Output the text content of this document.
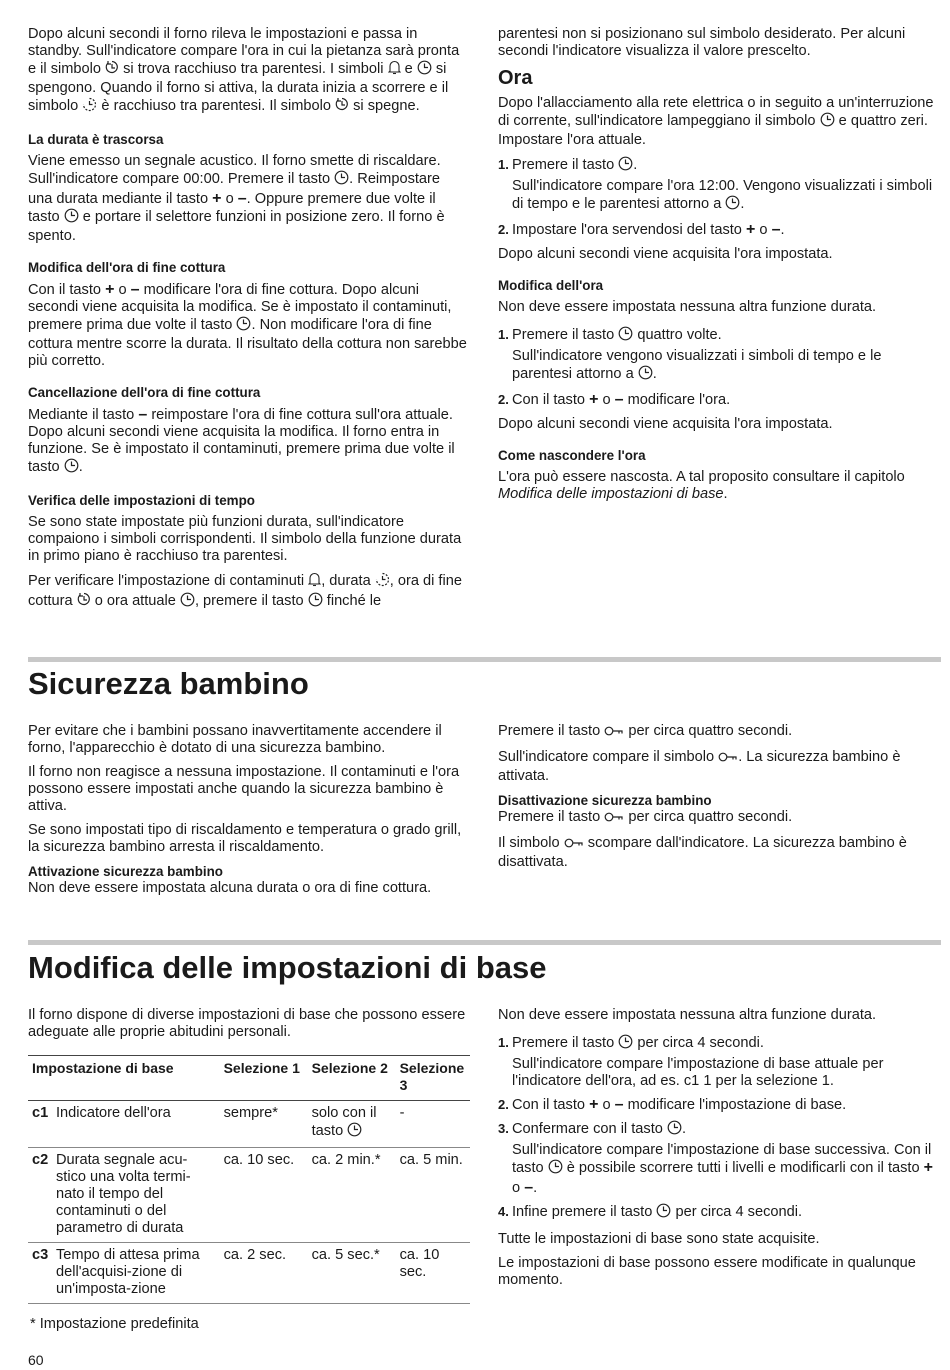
Dopo alcuni secondi il forno rileva le impostazioni e passa in standby. Sull'indicatore compare l'ora in cui la pietanza sarà pronta e il simbolo si trova racchiuso tra parentesi. I simboli e si spengono. Quando il forno si attiva, la durata inizia a scorrere e il simbolo è racchiuso tra parentesi. Il simbolo si spegne.

La durata è trascorsa

Viene emesso un segnale acustico. Il forno smette di riscaldare. Sull'indicatore compare 00:00. Premere il tasto . Reimpostare una durata mediante il tasto + o –. Oppure premere due volte il tasto e portare il selettore funzioni in posizione zero. Il forno è spento.

Modifica dell'ora di fine cottura

Con il tasto + o – modificare l'ora di fine cottura. Dopo alcuni secondi viene acquisita la modifica. Se è impostato il contaminuti, premere prima due volte il tasto . Non modificare l'ora di fine cottura mentre scorre la durata. Il risultato della cottura non sarebbe più corretto.

Cancellazione dell'ora di fine cottura

Mediante il tasto – reimpostare l'ora di fine cottura sull'ora attuale. Dopo alcuni secondi viene acquisita la modifica. Il forno entra in funzione. Se è impostato il contaminuti, premere prima due volte il tasto .

Verifica delle impostazioni di tempo

Se sono state impostate più funzioni durata, sull'indicatore compaiono i simboli corrispondenti. Il simbolo della funzione durata in primo piano è racchiuso tra parentesi.

Per verificare l'impostazione di contaminuti , durata , ora di fine cottura o ora attuale , premere il tasto finché le

parentesi non si posizionano sul simbolo desiderato. Per alcuni secondi l'indicatore visualizza il valore prescelto.

Ora

Dopo l'allacciamento alla rete elettrica o in seguito a un'interruzione di corrente, sull'indicatore lampeggiano il simbolo e quattro zeri. Impostare l'ora attuale.

1. Premere il tasto .

Sull'indicatore compare l'ora 12:00. Vengono visualizzati i simboli di tempo e le parentesi attorno a .

2. Impostare l'ora servendosi del tasto + o –.

Dopo alcuni secondi viene acquisita l'ora impostata.

Modifica dell'ora

Non deve essere impostata nessuna altra funzione durata.

1. Premere il tasto quattro volte.

Sull'indicatore vengono visualizzati i simboli di tempo e le parentesi attorno a .

2. Con il tasto + o – modificare l'ora.

Dopo alcuni secondi viene acquisita l'ora impostata.

Come nascondere l'ora

L'ora può essere nascosta. A tal proposito consultare il capitolo Modifica delle impostazioni di base.

Sicurezza bambino

Per evitare che i bambini possano inavvertitamente accendere il forno, l'apparecchio è dotato di una sicurezza bambino.

Il forno non reagisce a nessuna impostazione. Il contaminuti e l'ora possono essere impostati anche quando la sicurezza bambino è attiva.

Se sono impostati tipo di riscaldamento e temperatura o grado grill, la sicurezza bambino arresta il riscaldamento.

Attivazione sicurezza bambino

Non deve essere impostata alcuna durata o ora di fine cottura.

Premere il tasto per circa quattro secondi.

Sull'indicatore compare il simbolo . La sicurezza bambino è attivata.

Disattivazione sicurezza bambino

Premere il tasto per circa quattro secondi.

Il simbolo scompare dall'indicatore. La sicurezza bambino è disattivata.

Modifica delle impostazioni di base

Il forno dispone di diverse impostazioni di base che possono essere adeguate alle proprie abitudini personali.

Impostazione di base		Selezione 1	Selezione 2	Selezione 3
c1	Indicatore dell'ora	sempre*	solo con il tasto	-
c2	Durata segnale acu-stico una volta termi-nato il tempo del contaminuti o del parametro di durata	ca. 10 sec.	ca. 2 min.*	ca. 5 min.
c3	Tempo di attesa prima dell'acquisi-zione di un'imposta-zione	ca. 2 sec.	ca. 5 sec.*	ca. 10 sec.
* Impostazione predefinita

Non deve essere impostata nessuna altra funzione durata.

1. Premere il tasto per circa 4 secondi.

Sull'indicatore compare l'impostazione di base attuale per l'indicatore dell'ora, ad es. c1 1 per la selezione 1.

2. Con il tasto + o – modificare l'impostazione di base.

3. Confermare con il tasto .

Sull'indicatore compare l'impostazione di base successiva. Con il tasto è possibile scorrere tutti i livelli e modificarli con il tasto + o –.

4. Infine premere il tasto per circa 4 secondi.

Tutte le impostazioni di base sono state acquisite.

Le impostazioni di base possono essere modificate in qualunque momento.

60
